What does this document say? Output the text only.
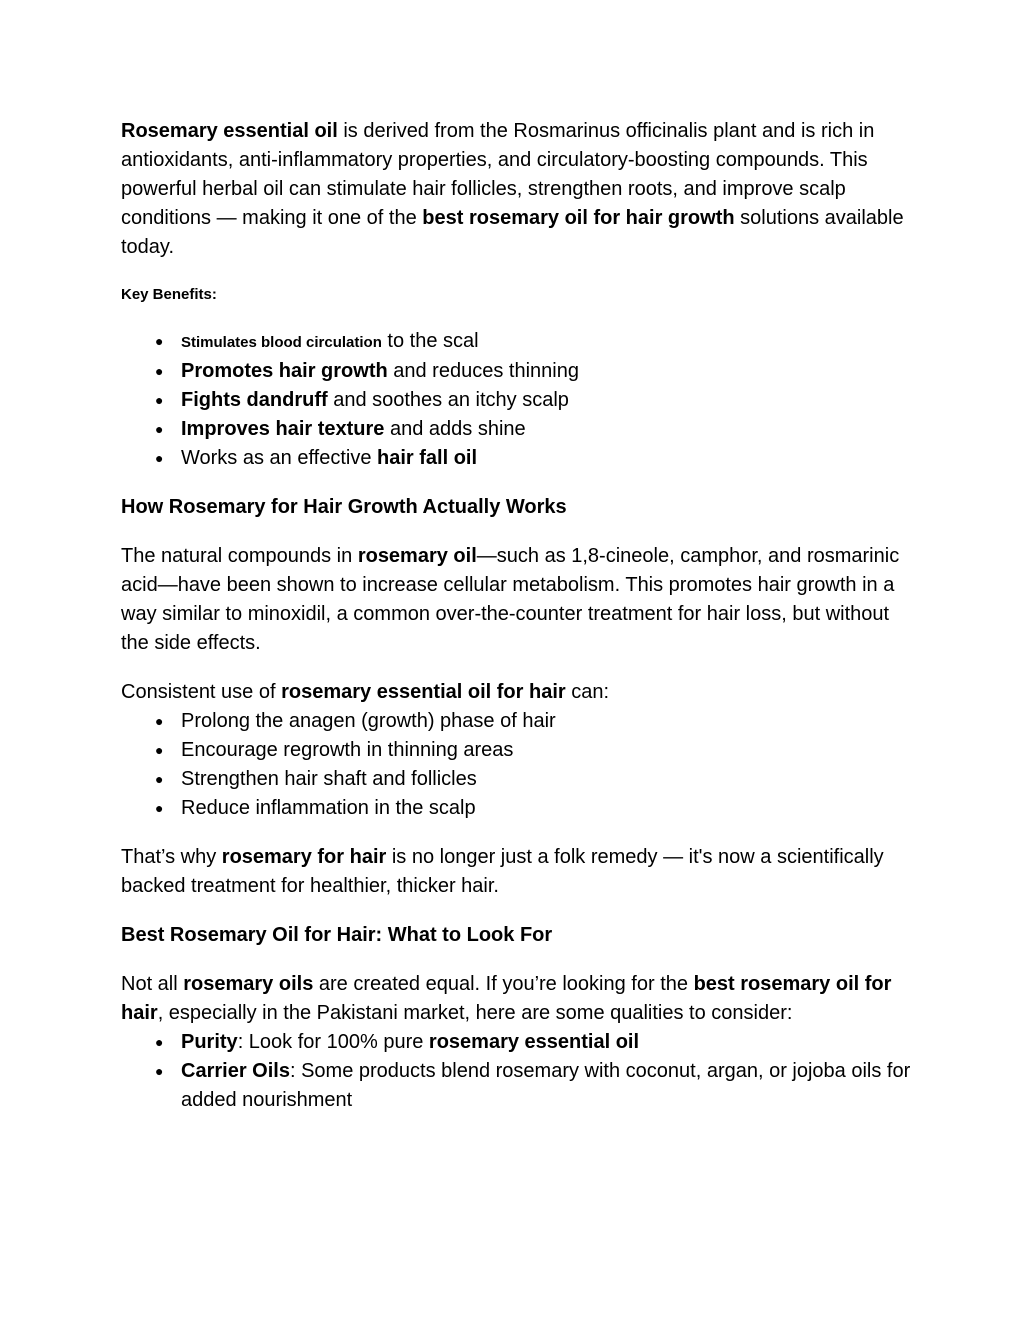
Rosemary essential oil is derived from the Rosmarinus officinalis plant and is rich in antioxidants, anti-inflammatory properties, and circulatory-boosting compounds. This powerful herbal oil can stimulate hair follicles, strengthen roots, and improve scalp conditions — making it one of the best rosemary oil for hair growth solutions available today.

Key Benefits:

● Stimulates blood circulation to the scal
● Promotes hair growth and reduces thinning
● Fights dandruff and soothes an itchy scalp
● Improves hair texture and adds shine
● Works as an effective hair fall oil

How Rosemary for Hair Growth Actually Works

The natural compounds in rosemary oil—such as 1,8-cineole, camphor, and rosmarinic acid—have been shown to increase cellular metabolism. This promotes hair growth in a way similar to minoxidil, a common over-the-counter treatment for hair loss, but without the side effects.

Consistent use of rosemary essential oil for hair can:

● Prolong the anagen (growth) phase of hair
● Encourage regrowth in thinning areas
● Strengthen hair shaft and follicles
● Reduce inflammation in the scalp

That’s why rosemary for hair is no longer just a folk remedy — it's now a scientifically backed treatment for healthier, thicker hair.

Best Rosemary Oil for Hair: What to Look For

Not all rosemary oils are created equal. If you’re looking for the best rosemary oil for hair, especially in the Pakistani market, here are some qualities to consider:

● Purity: Look for 100% pure rosemary essential oil
● Carrier Oils: Some products blend rosemary with coconut, argan, or jojoba oils for added nourishment
